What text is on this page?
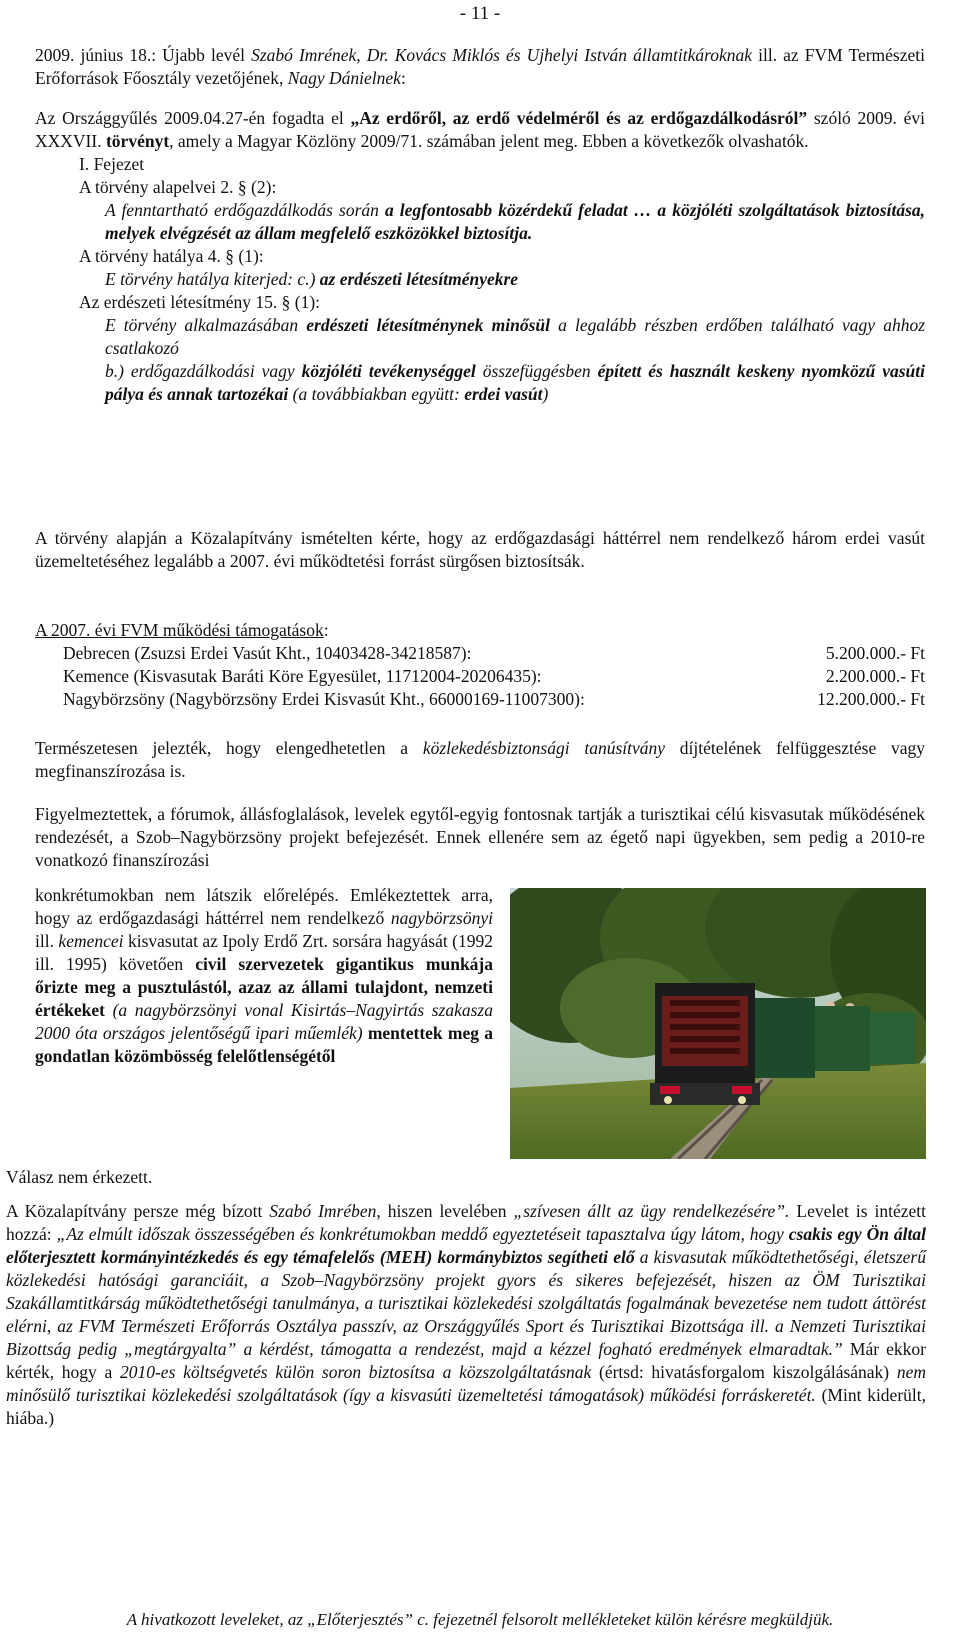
- 11 -
2009. június 18.: Újabb levél Szabó Imrének, Dr. Kovács Miklós és Ujhelyi István államtitkároknak ill. az FVM Természeti Erőforrások Főosztály vezetőjének, Nagy Dánielnek:
Az Országgyűlés 2009.04.27-én fogadta el „Az erdőről, az erdő védelméről és az erdőgazdálkodásról” szóló 2009. évi XXXVII. törvényt, amely a Magyar Közlöny 2009/71. számában jelent meg. Ebben a következők olvashatók.
I. Fejezet
A törvény alapelvei 2. § (2):
A fenntartható erdőgazdálkodás során a legfontosabb közérdekű feladat … a közjóléti szolgáltatások biztosítása, melyek elvégzését az állam megfelelő eszközökkel biztosítja.
A törvény hatálya 4. § (1):
E törvény hatálya kiterjed: c.) az erdészeti létesítményekre
Az erdészeti létesítmény 15. § (1):
E törvény alkalmazásában erdészeti létesítménynek minősül a legalább részben erdőben található vagy ahhoz csatlakozó
b.) erdőgazdálkodási vagy közjóléti tevékenységgel összefüggésben épített és használt keskeny nyomközű vasúti pálya és annak tartozékai (a továbbiakban együtt: erdei vasút)
A törvény alapján a Közalapítvány ismételten kérte, hogy az erdőgazdasági háttérrel nem rendelkező három erdei vasút üzemeltetéséhez legalább a 2007. évi működtetési forrást sürgősen biztosítsák.
A 2007. évi FVM működési támogatások:
Debrecen (Zsuzsi Erdei Vasút Kht., 10403428-34218587):	5.200.000.- Ft
Kemence (Kisvasutak Baráti Köre Egyesület, 11712004-20206435):	2.200.000.- Ft
Nagybörzsöny (Nagybörzsöny Erdei Kisvasút Kht., 66000169-11007300):	12.200.000.- Ft
Természetesen jelezték, hogy elengedhetetlen a közlekedésbiztonsági tanúsítvány díjtételének felfüggesztése vagy megfinanszírozása is.
Figyelmeztettek, a fórumok, állásfoglalások, levelek egytől-egyig fontosnak tartják a turisztikai célú kisvasutak működésének rendezését, a Szob–Nagybörzsöny projekt befejezését. Ennek ellenére sem az égető napi ügyekben, sem pedig a 2010-re vonatkozó finanszírozási
konkrétumokban nem látszik előrelépés. Emlékeztettek arra, hogy az erdőgazdasági háttérrel nem rendelkező nagybörzsönyi ill. kemencei kisvasutat az Ipoly Erdő Zrt. sorsára hagyását (1992 ill. 1995) követően civil szervezetek gigantikus munkája őrizte meg a pusztulástól, azaz az állami tulajdont, nemzeti értékeket (a nagybörzsönyi vonal Kisirtás–Nagyirtás szakasza 2000 óta országos jelentőségű ipari műemlék) mentettek meg a gondatlan közömbösség felelőtlenségétől
Válasz nem érkezett.
A Közalapítvány persze még bízott Szabó Imrében, hiszen levelében „szívesen állt az ügy rendelkezésére”. Levelet is intézett hozzá: „Az elmúlt időszak összességében és konkrétumokban meddő egyeztetéseit tapasztalva úgy látom, hogy csakis egy Ön által előterjesztett kormányintézkedés és egy témafelelős (MEH) kormánybiztos segítheti elő a kisvasutak működtethetőségi, életszerű közlekedési hatósági garanciáit, a Szob–Nagybörzsöny projekt gyors és sikeres befejezését, hiszen az ÖM Turisztikai Szakállamtitkárság működtethetőségi tanulmánya, a turisztikai közlekedési szolgáltatás fogalmának bevezetése nem tudott áttörést elérni, az FVM Természeti Erőforrás Osztálya passzív, az Országgyűlés Sport és Turisztikai Bizottsága ill. a Nemzeti Turisztikai Bizottság pedig „megtárgyalta” a kérdést, támogatta a rendezést, majd a kézzel fogható eredmények elmaradtak.” Már ekkor kérték, hogy a 2010-es költségvetés külön soron biztosítsa a közszolgáltatásnak (értsd: hivatásforgalom kiszolgálásának) nem minősülő turisztikai közlekedési szolgáltatások (így a kisvasúti üzemeltetési támogatások) működési forráskeretét. (Mint kiderült, hiába.)
A hivatkozott leveleket, az „Előterjesztés” c. fejezetnél felsorolt mellékleteket külön kérésre megküldjük.
